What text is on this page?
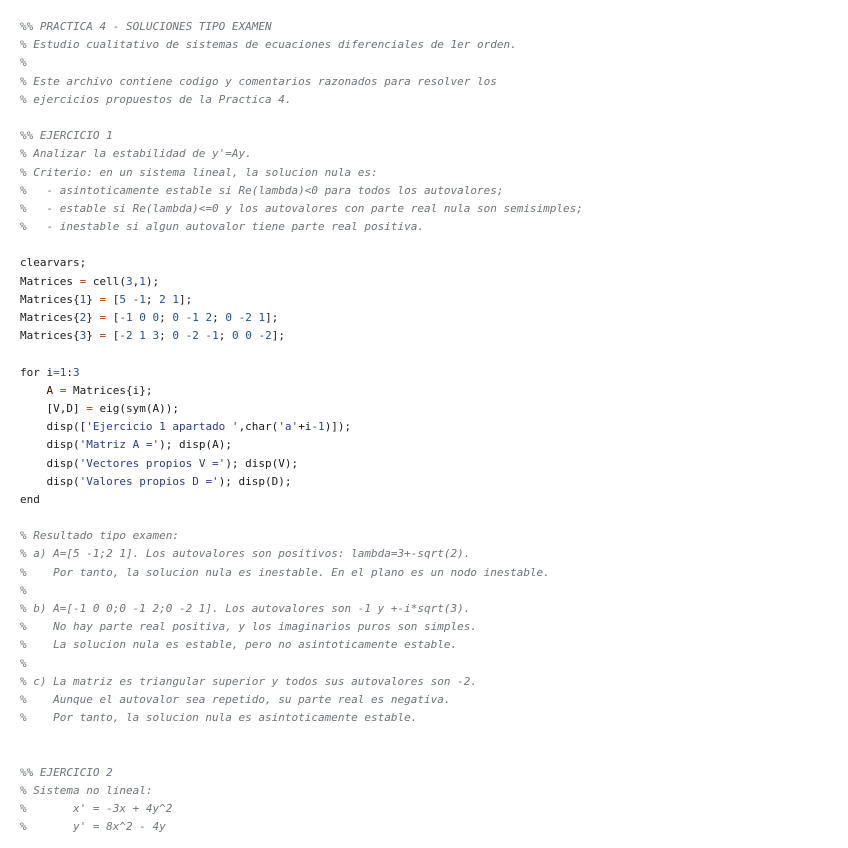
%% PRACTICA 4 - SOLUCIONES TIPO EXAMEN
% Estudio cualitativo de sistemas de ecuaciones diferenciales de 1er orden.
%
% Este archivo contiene codigo y comentarios razonados para resolver los
% ejercicios propuestos de la Practica 4.
%% EJERCICIO 1
% Analizar la estabilidad de y'=Ay.
% Criterio: en un sistema lineal, la solucion nula es:
%   - asintoticamente estable si Re(lambda)<0 para todos los autovalores;
%   - estable si Re(lambda)<=0 y los autovalores con parte real nula son semisimples;
%   - inestable si algun autovalor tiene parte real positiva.
clearvars;
Matrices = cell(3,1);
Matrices{1} = [5 -1; 2 1];
Matrices{2} = [-1 0 0; 0 -1 2; 0 -2 1];
Matrices{3} = [-2 1 3; 0 -2 -1; 0 0 -2];
for i=1:3
A = Matrices{i};
[V,D] = eig(sym(A));
disp(['Ejercicio 1 apartado ',char('a'+i-1)]);
disp('Matriz A ='); disp(A);
disp('Vectores propios V ='); disp(V);
disp('Valores propios D ='); disp(D);
end
% Resultado tipo examen:
% a) A=[5 -1;2 1]. Los autovalores son positivos: lambda=3+-sqrt(2).
%    Por tanto, la solucion nula es inestable. En el plano es un nodo inestable.
%
% b) A=[-1 0 0;0 -1 2;0 -2 1]. Los autovalores son -1 y +-i*sqrt(3).
%    No hay parte real positiva, y los imaginarios puros son simples.
%    La solucion nula es estable, pero no asintoticamente estable.
%
% c) La matriz es triangular superior y todos sus autovalores son -2.
%    Aunque el autovalor sea repetido, su parte real es negativa.
%    Por tanto, la solucion nula es asintoticamente estable.
%% EJERCICIO 2
% Sistema no lineal:
%       x' = -3x + 4y^2
%       y' = 8x^2 - 4y
